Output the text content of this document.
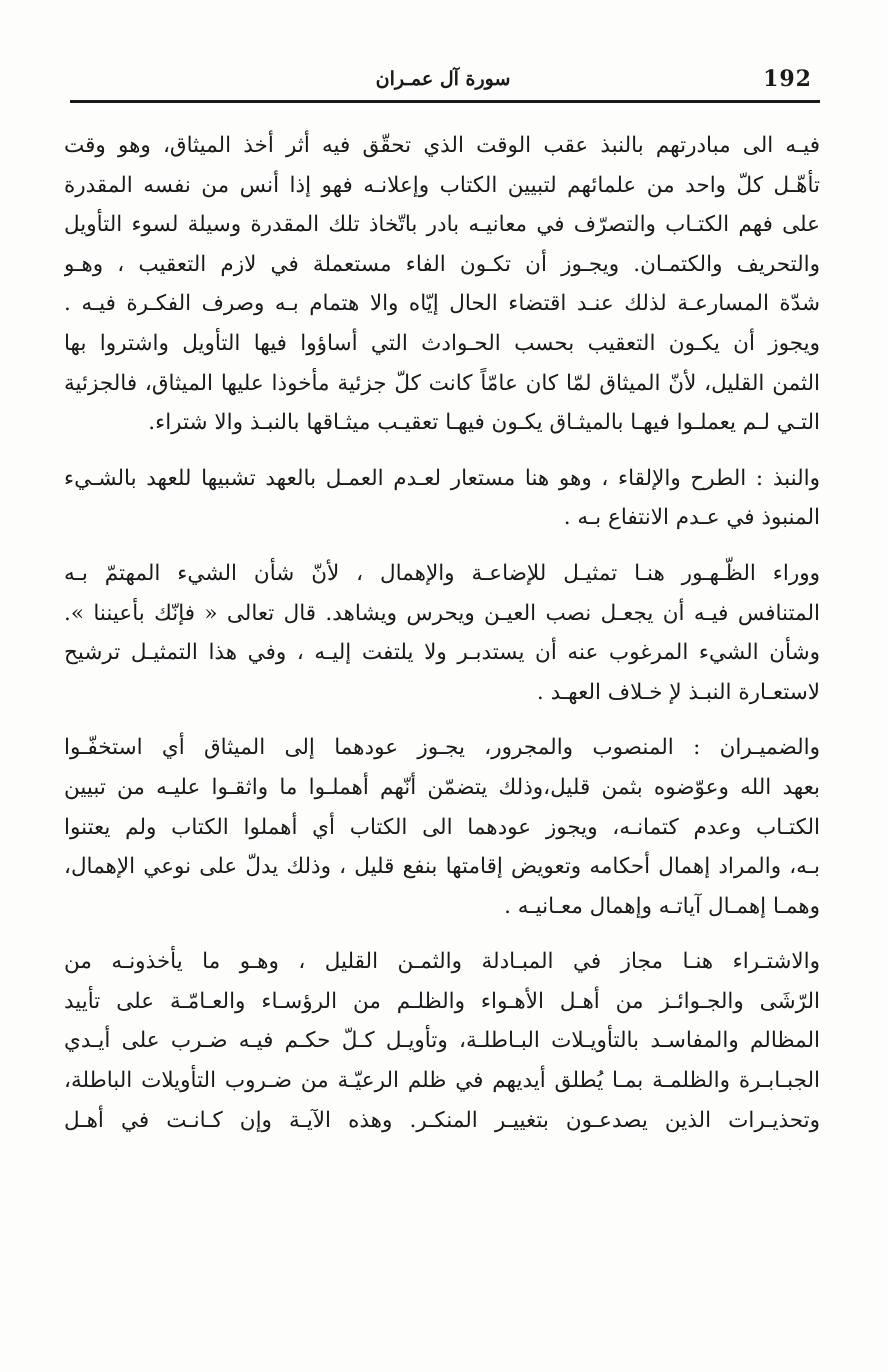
192
سورة آل عمـران

فيـه الى مبادرتهم بالنبذ عقب الوقت الذي تحقّق فيه أثر أخذ الميثاق، وهو وقت
تأهّـل كلّ واحد من علمائهم لتبيين الكتاب وإعلانـه فهو إذا أنس من نفسه المقدرة
على فهم الكتـاب والتصرّف في معانيـه بادر باتّخاذ تلك المقدرة وسيلة لسوء التأويل
والتحريف والكتمـان. ويجـوز أن تكـون الفاء مستعملة في لازم التعقيب ، وهـو
شدّة المسارعـة لذلك عنـد اقتضاء الحال إيّاه والا هتمام بـه وصرف الفكـرة فيـه .
ويجوز أن يكـون التعقيب بحسب الحـوادث التي أساؤوا فيها التأويل واشتروا بها
الثمن القليل، لأنّ الميثاق لمّا كان عامّاً كانت كلّ جزئية مأخوذا عليها الميثاق، فالجزئية
التـي لـم يعملـوا فيهـا بالميثـاق يكـون فيهـا تعقيـب ميثـاقها بالنبـذ والا شتراء.

والنبذ : الطرح والإلقاء ، وهو هنا مستعار لعـدم العمـل بالعهد تشبيها للعهد بالشـيء
المنبوذ في عـدم الانتفاع بـه .

ووراء الظّـهـور هنـا تمثيـل للإضاعـة والإهمال ، لأنّ شأن الشيء المهتمّ بـه
المتنافس فيـه أن يجعـل نصب العيـن ويحرس ويشاهد. قال تعالى « فإنّك بأعيننا ».
وشأن الشيء المرغوب عنه أن يستدبـر ولا يلتفت إليـه ، وفي هذا التمثيـل ترشيح
لاستعـارة النبـذ لإ خـلاف العهـد .

والضميـران : المنصوب والمجرور، يجـوز عودهما إلى الميثاق أي استخفّـوا
بعهد الله وعوّضوه بثمن قليل،وذلك يتضمّن أنّهم أهملـوا ما واثقـوا عليـه من تبيين
الكتـاب وعدم كتمانـه، ويجوز عودهما الى الكتاب أي أهملوا الكتاب ولم يعتنوا
بـه، والمراد إهمال أحكامه وتعويض إقامتها بنفع قليل ، وذلك يدلّ على نوعي الإهمال،
وهمـا إهمـال آياتـه وإهمال معـانيـه .

والاشتـراء هنـا مجاز في المبـادلة والثمـن القليل ، وهـو ما يأخذونـه من
الرّشَى والجـوائـز من أهـل الأهـواء والظلـم من الرؤسـاء والعـامّـة على تأييد
المظالم والمفاسـد بالتأويـلات البـاطلـة، وتأويـل كـلّ حكـم فيـه ضـرب على أيـدي
الجبـابـرة والظلمـة بمـا يُطلق أيديهم في ظلم الرعيّـة من ضـروب التأويلات الباطلة،
وتحذيـرات الذين يصدعـون بتغييـر المنكـر. وهذه الآيـة وإن كـانـت في أهـل
